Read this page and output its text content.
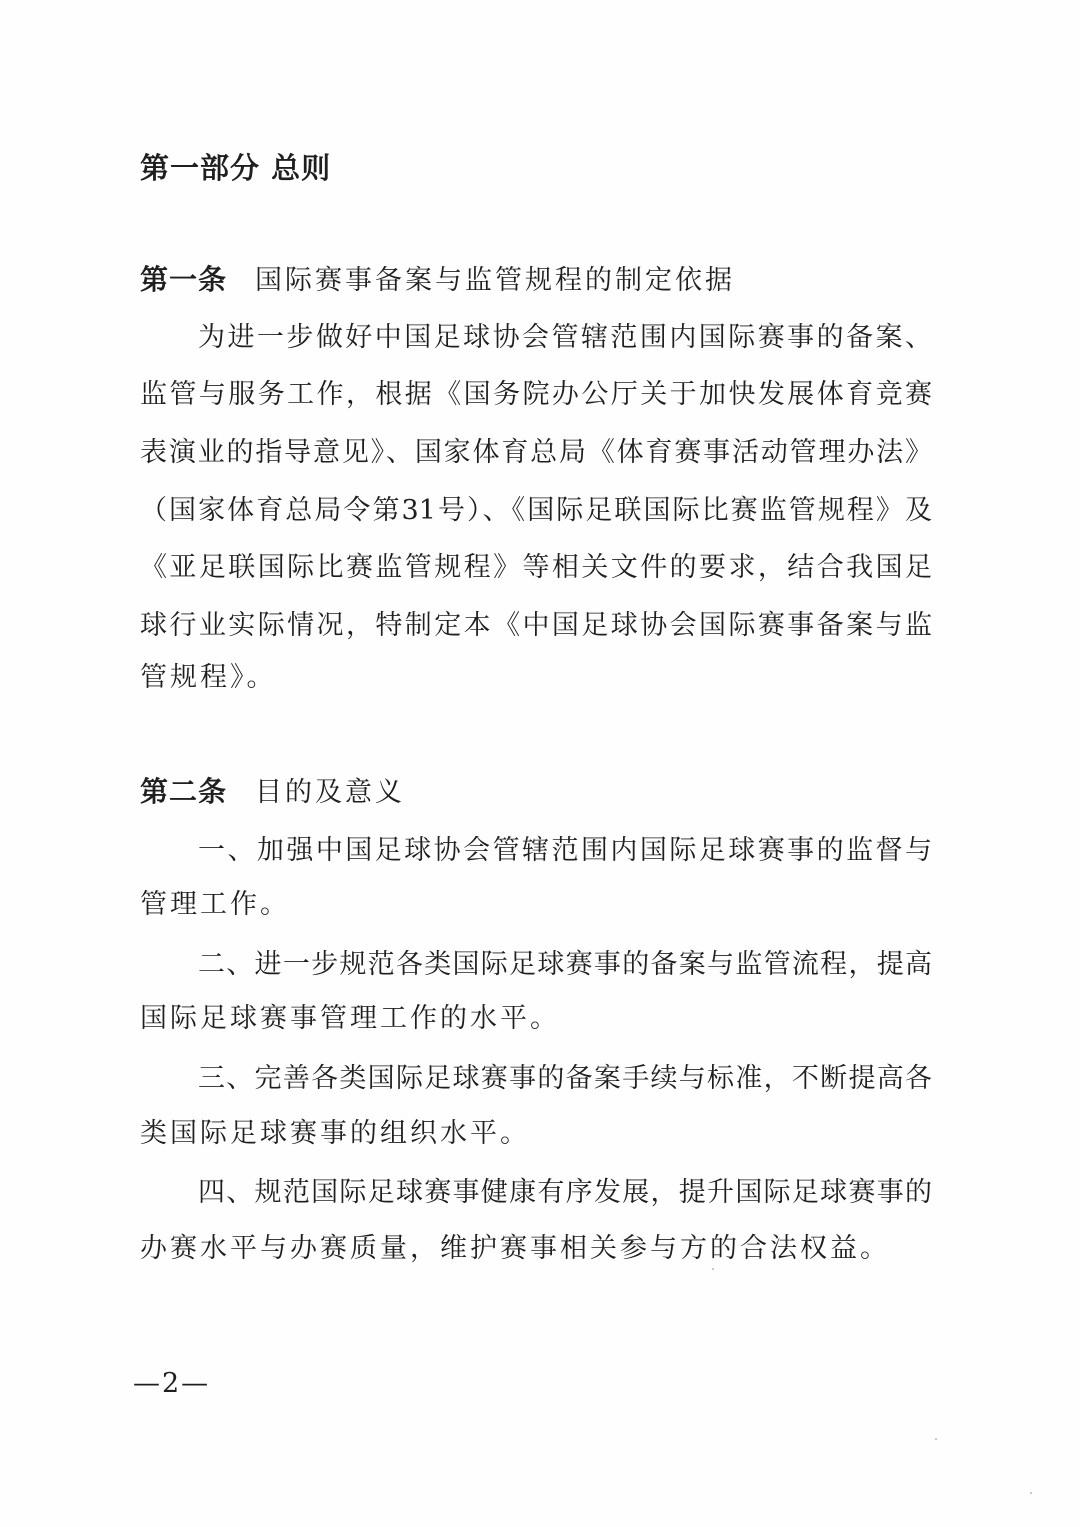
第一部分 总则
第一条 国际赛事备案与监管规程的制定依据
为进一步做好中国足球协会管辖范围内国际赛事的备案、
监管与服务工作，根据《国务院办公厅关于加快发展体育竞赛
表演业的指导意见》、国家体育总局《体育赛事活动管理办法》
（国家体育总局令第31号）、《国际足联国际比赛监管规程》及
《亚足联国际比赛监管规程》等相关文件的要求，结合我国足
球行业实际情况，特制定本《中国足球协会国际赛事备案与监
管规程》。
第二条 目的及意义
一、加强中国足球协会管辖范围内国际足球赛事的监督与
管理工作。
二、进一步规范各类国际足球赛事的备案与监管流程，提高
国际足球赛事管理工作的水平。
三、完善各类国际足球赛事的备案手续与标准，不断提高各
类国际足球赛事的组织水平。
四、规范国际足球赛事健康有序发展，提升国际足球赛事的
办赛水平与办赛质量，维护赛事相关参与方的合法权益。
—2—
